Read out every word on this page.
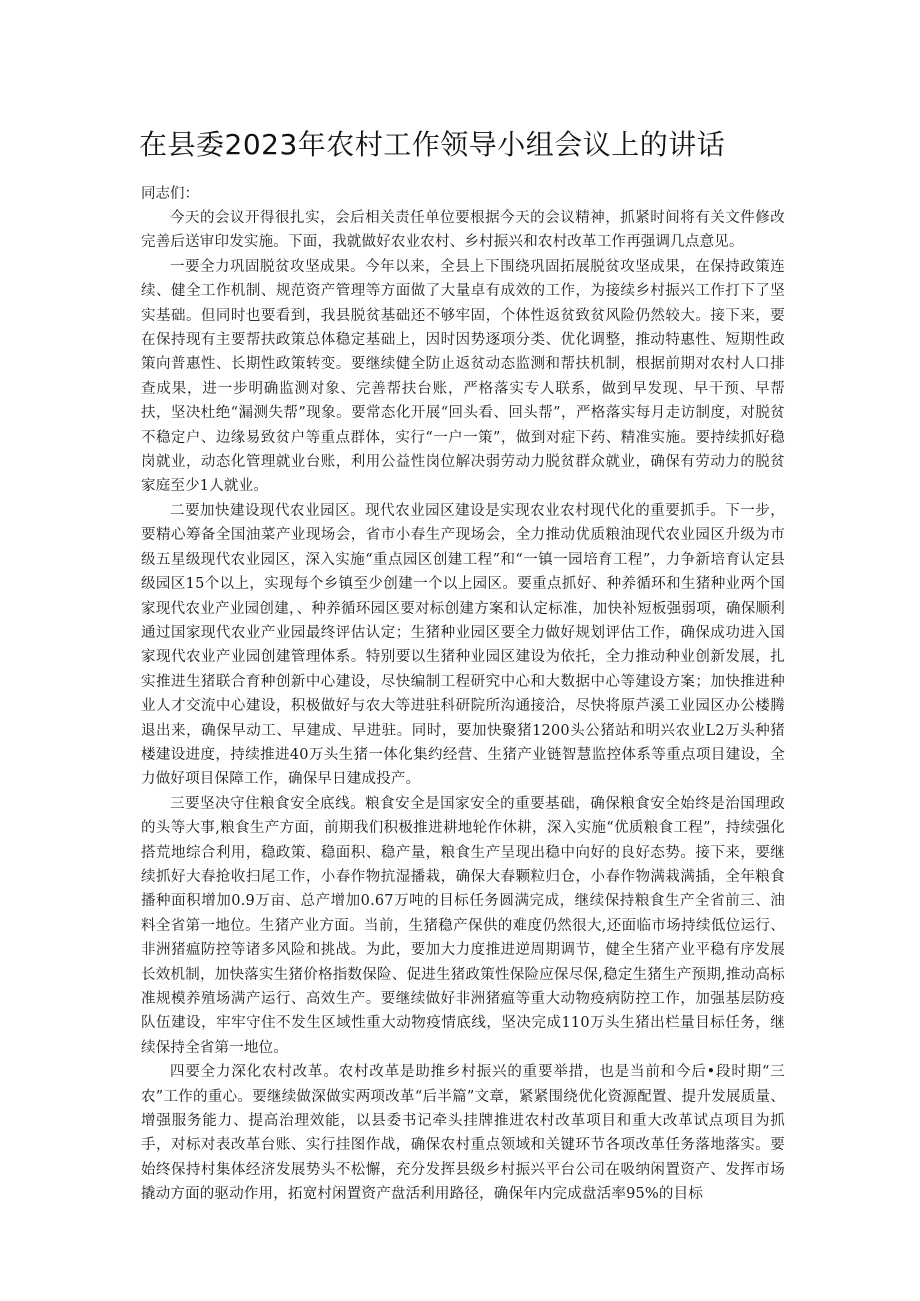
在县委2023年农村工作领导小组会议上的讲话

同志们：

今天的会议开得很扎实，会后相关责任单位要根据今天的会议精神，抓紧时间将有关文件修改完善后送审印发实施。下面，我就做好农业农村、乡村振兴和农村改革工作再强调几点意见。

一要全力巩固脱贫攻坚成果。今年以来，全县上下围绕巩固拓展脱贫攻坚成果，在保持政策连续、健全工作机制、规范资产管理等方面做了大量卓有成效的工作，为接续乡村振兴工作打下了坚实基础。但同时也要看到，我县脱贫基础还不够牢固，个体性返贫致贫风险仍然较大。接下来，要在保持现有主要帮扶政策总体稳定基础上，因时因势逐项分类、优化调整，推动特惠性、短期性政策向普惠性、长期性政策转变。要继续健全防止返贫动态监测和帮扶机制，根据前期对农村人口排查成果，进一步明确监测对象、完善帮扶台账，严格落实专人联系，做到早发现、早干预、早帮扶，坚决杜绝“漏测失帮”现象。要常态化开展“回头看、回头帮”，严格落实每月走访制度，对脱贫不稳定户、边缘易致贫户等重点群体，实行“一户一策”，做到对症下药、精准实施。要持续抓好稳岗就业，动态化管理就业台账，利用公益性岗位解决弱劳动力脱贫群众就业，确保有劳动力的脱贫家庭至少1人就业。

二要加快建设现代农业园区。现代农业园区建设是实现农业农村现代化的重要抓手。下一步，要精心筹备全国油菜产业现场会，省市小春生产现场会，全力推动优质粮油现代农业园区升级为市级五星级现代农业园区，深入实施“重点园区创建工程”和“一镇一园培育工程”，力争新培育认定县级园区15个以上，实现每个乡镇至少创建一个以上园区。要重点抓好、种养循环和生猪种业两个国家现代农业产业园创建，、种养循环园区要对标创建方案和认定标准，加快补短板强弱项，确保顺利通过国家现代农业产业园最终评估认定；生猪种业园区要全力做好规划评估工作，确保成功进入国家现代农业产业园创建管理体系。特别要以生猪种业园区建设为依托，全力推动种业创新发展，扎实推进生猪联合育种创新中心建设，尽快编制工程研究中心和大数据中心等建设方案；加快推进种业人才交流中心建设，积极做好与农大等进驻科研院所沟通接洽，尽快将原芦溪工业园区办公楼腾退出来，确保早动工、早建成、早进驻。同时，要加快聚猪1200头公猪站和明兴农业L2万头种猪楼建设进度，持续推进40万头生猪一体化集约经营、生猪产业链智慧监控体系等重点项目建设，全力做好项目保障工作，确保早日建成投产。

三要坚决守住粮食安全底线。粮食安全是国家安全的重要基础，确保粮食安全始终是治国理政的头等大事,粮食生产方面，前期我们积极推进耕地轮作休耕，深入实施“优质粮食工程”，持续强化搭荒地综合利用，稳政策、稳面积、稳产量，粮食生产呈现出稳中向好的良好态势。接下来，要继续抓好大春抢收扫尾工作，小春作物抗湿播栽，确保大春颗粒归仓，小春作物满栽满插，全年粮食播种面积增加0.9万亩、总产增加0.67万吨的目标任务圆满完成，继续保持粮食生产全省前三、油料全省第一地位。生猪产业方面。当前，生猪稳产保供的难度仍然很大,还面临市场持续低位运行、非洲猪瘟防控等诸多风险和挑战。为此，要加大力度推进逆周期调节，健全生猪产业平稳有序发展长效机制，加快落实生猪价格指数保险、促进生猪政策性保险应保尽保,稳定生猪生产预期,推动高标准规模养殖场满产运行、高效生产。要继续做好非洲猪瘟等重大动物疫病防控工作，加强基层防疫队伍建设，牢牢守住不发生区域性重大动物疫情底线，坚决完成110万头生猪出栏量目标任务，继续保持全省第一地位。

四要全力深化农村改革。农村改革是助推乡村振兴的重要举措，也是当前和今后•段时期“三农”工作的重心。要继续做深做实两项改革“后半篇”文章，紧紧围绕优化资源配置、提升发展质量、增强服务能力、提高治理效能，以县委书记牵头挂牌推进农村改革项目和重大改革试点项目为抓手，对标对表改革台账、实行挂图作战，确保农村重点领域和关键环节各项改革任务落地落实。要始终保持村集体经济发展势头不松懈，充分发挥县级乡村振兴平台公司在吸纳闲置资产、发挥市场撬动方面的驱动作用，拓宽村闲置资产盘活利用路径，确保年内完成盘活率95%的目标
